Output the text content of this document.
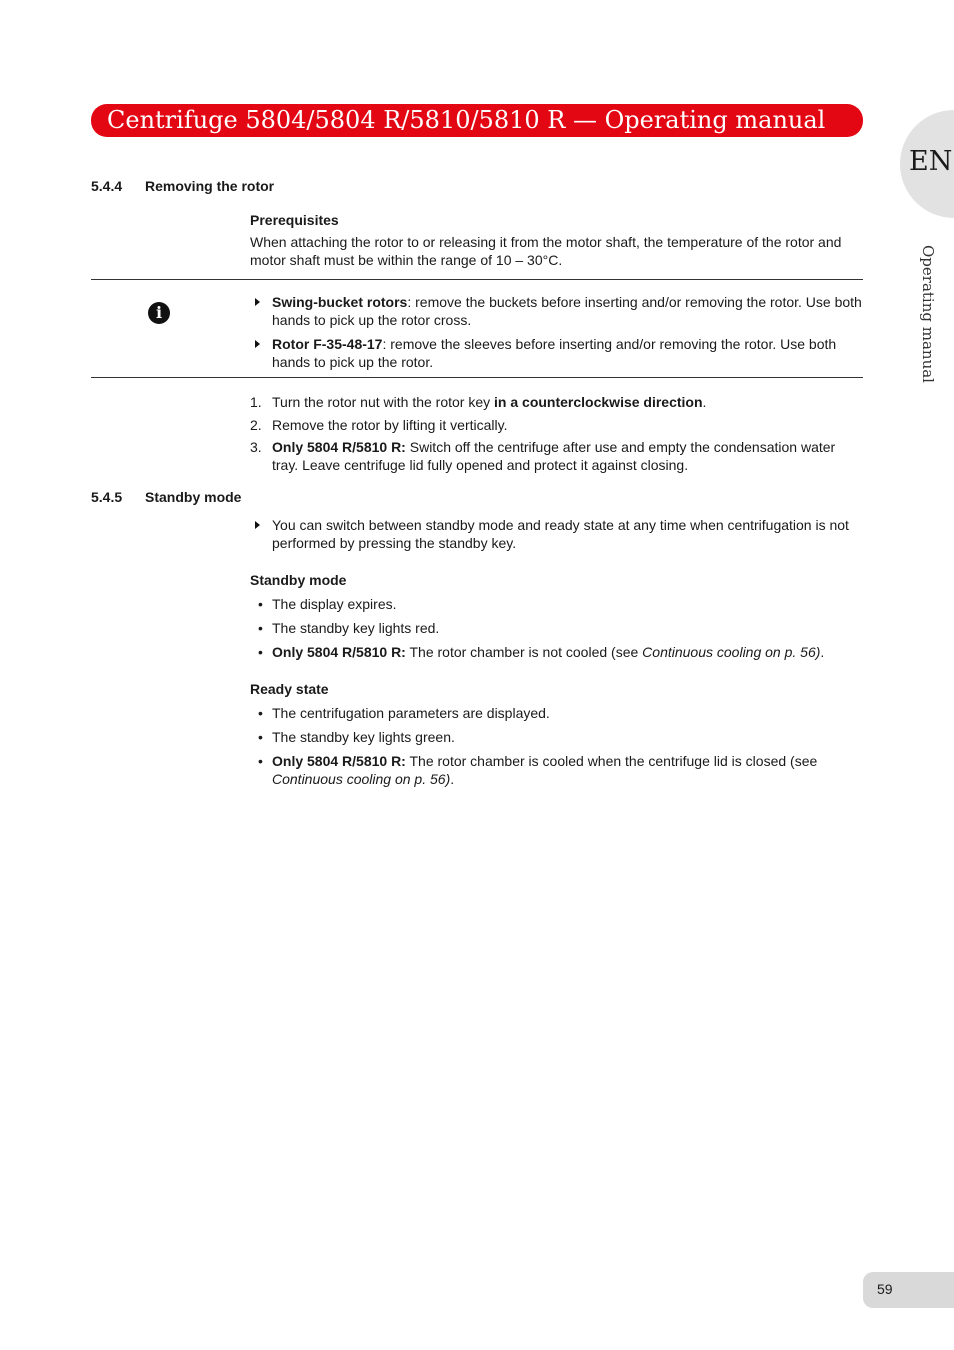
Centrifuge 5804/5804 R/5810/5810 R — Operating manual
EN
Operating manual
5.4.4 Removing the rotor
Prerequisites
When attaching the rotor to or releasing it from the motor shaft, the temperature of the rotor and motor shaft must be within the range of 10 – 30°C.
i
Swing-bucket rotors: remove the buckets before inserting and/or removing the rotor. Use both hands to pick up the rotor cross.
Rotor F-35-48-17: remove the sleeves before inserting and/or removing the rotor. Use both hands to pick up the rotor.
1. Turn the rotor nut with the rotor key in a counterclockwise direction.
2. Remove the rotor by lifting it vertically.
3. Only 5804 R/5810 R: Switch off the centrifuge after use and empty the condensation water tray. Leave centrifuge lid fully opened and protect it against closing.
5.4.5 Standby mode
You can switch between standby mode and ready state at any time when centrifugation is not performed by pressing the standby key.
Standby mode
• The display expires.
• The standby key lights red.
• Only 5804 R/5810 R: The rotor chamber is not cooled (see Continuous cooling on p. 56).
Ready state
• The centrifugation parameters are displayed.
• The standby key lights green.
• Only 5804 R/5810 R: The rotor chamber is cooled when the centrifuge lid is closed (see Continuous cooling on p. 56).
59
